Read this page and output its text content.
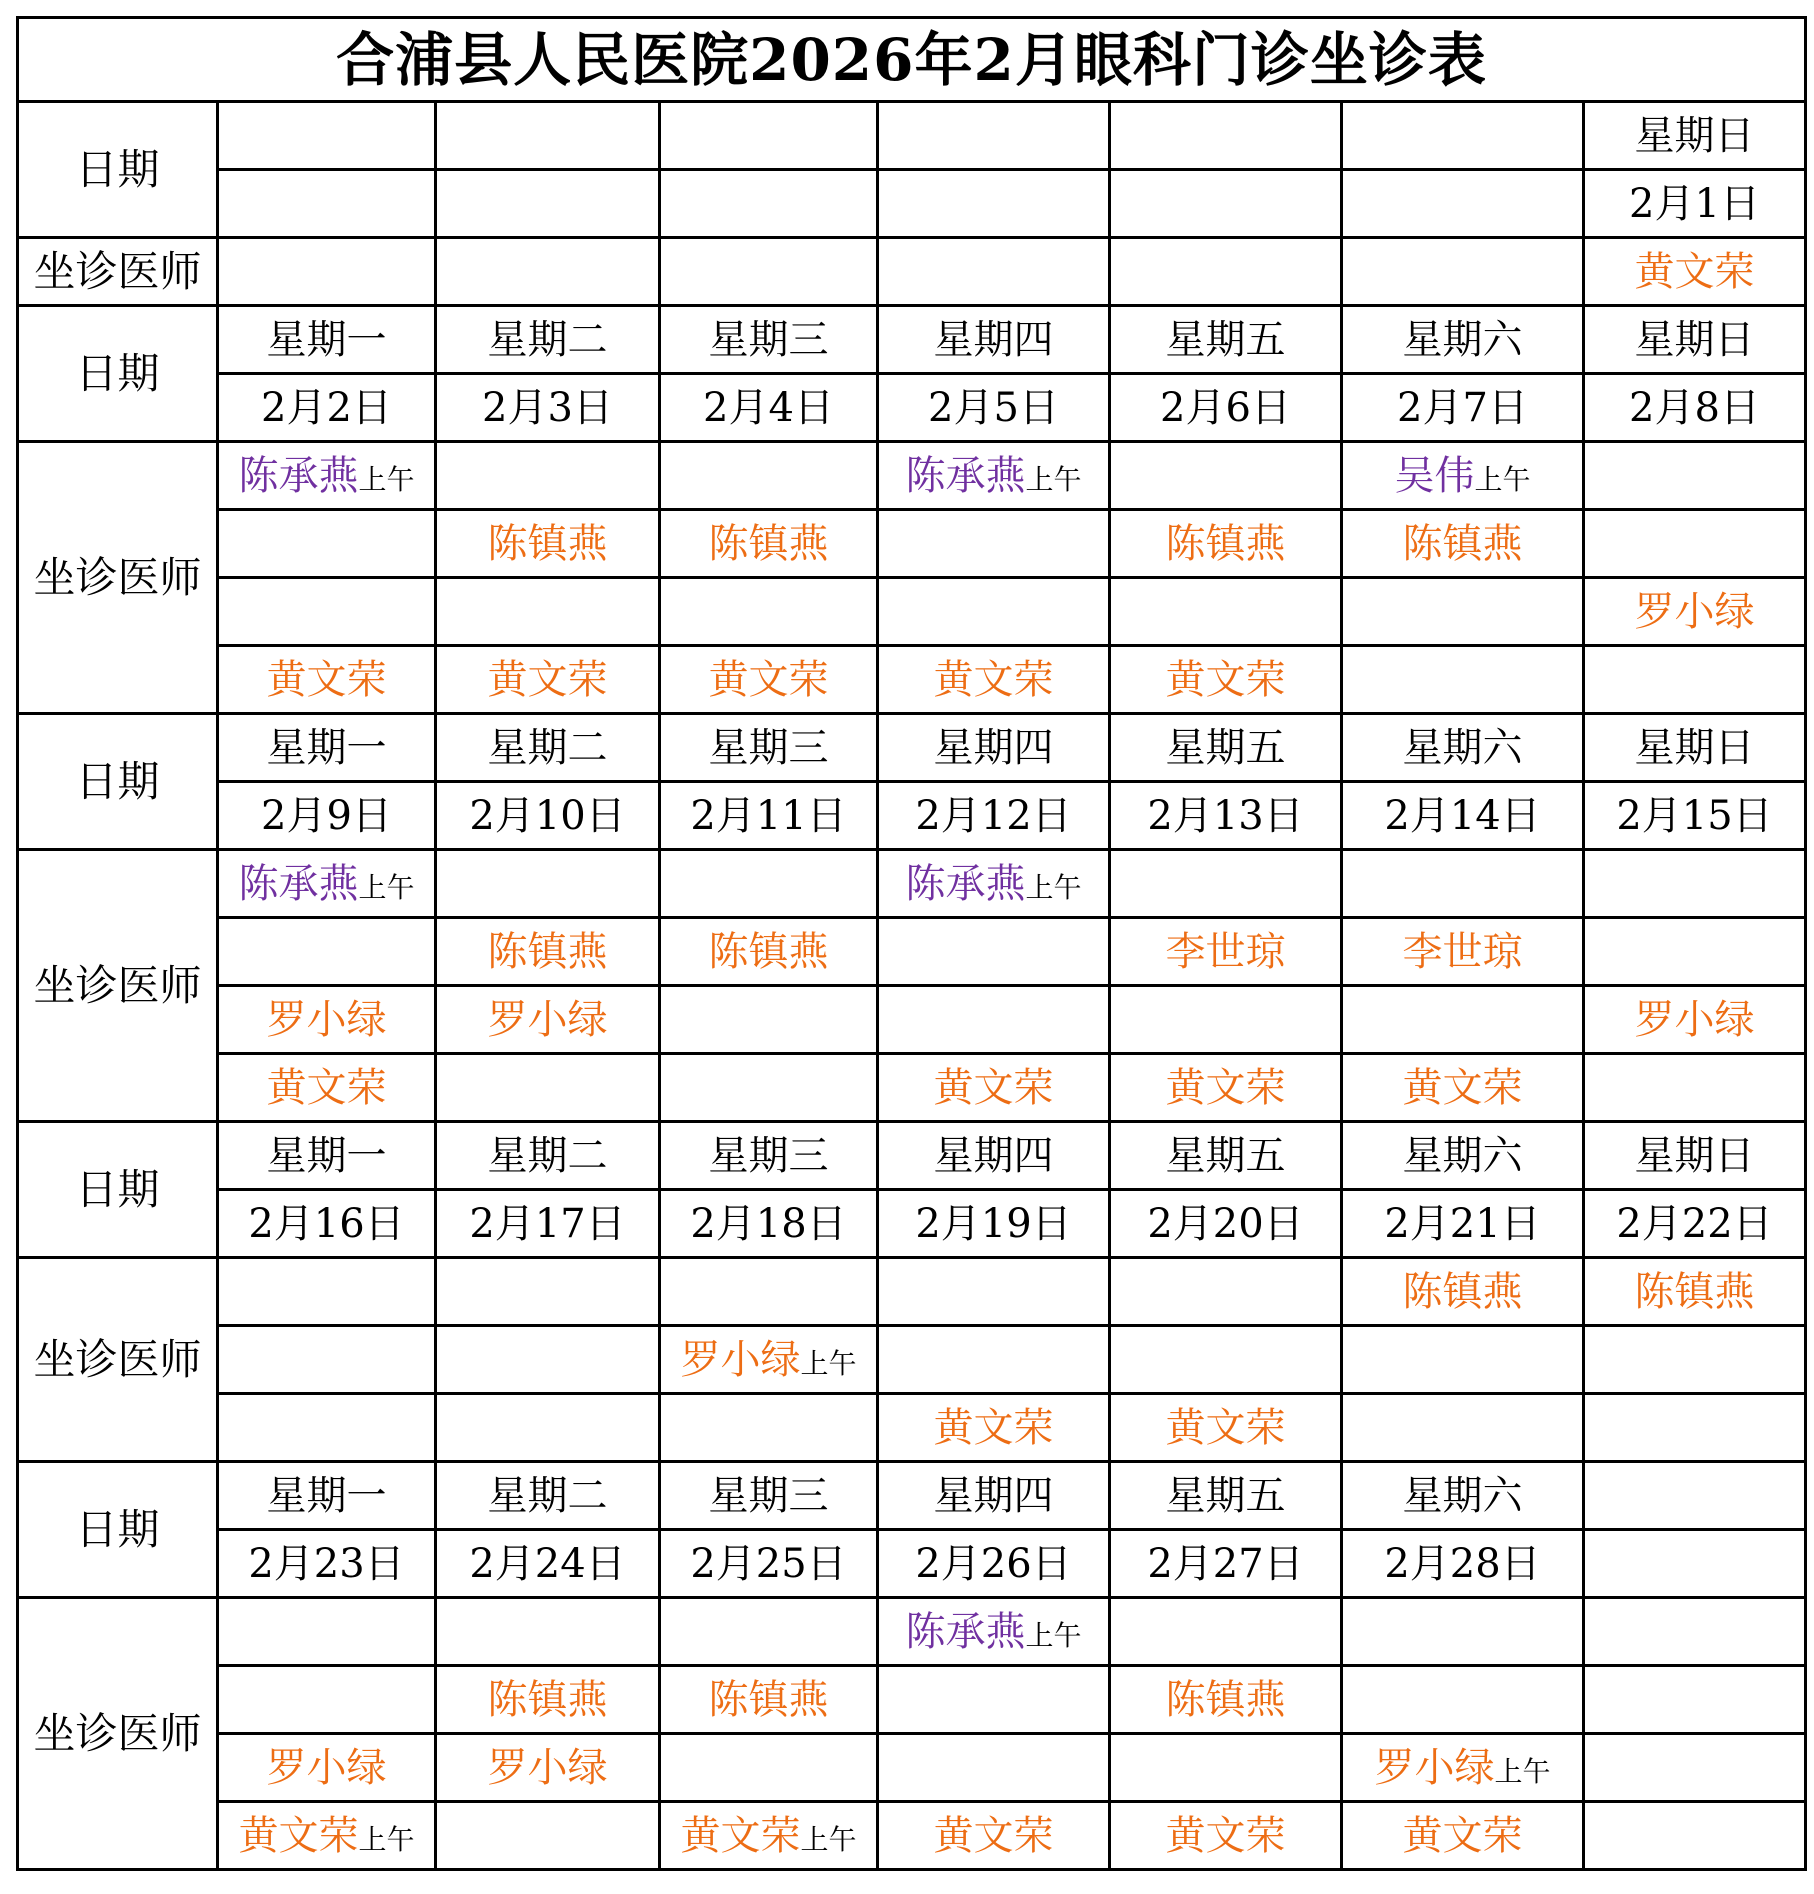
合浦县人民医院2026年2月眼科门诊坐诊表							
日期							星期日
							2月1日
坐诊医师							黄文荣
日期	星期一	星期二	星期三	星期四	星期五	星期六	星期日
	2月2日	2月3日	2月4日	2月5日	2月6日	2月7日	2月8日
坐诊医师	陈承燕上午			陈承燕上午		吴伟上午	
		陈镇燕	陈镇燕		陈镇燕	陈镇燕	
							罗小绿
	黄文荣	黄文荣	黄文荣	黄文荣	黄文荣		
日期	星期一	星期二	星期三	星期四	星期五	星期六	星期日
	2月9日	2月10日	2月11日	2月12日	2月13日	2月14日	2月15日
坐诊医师	陈承燕上午			陈承燕上午			
		陈镇燕	陈镇燕		李世琼	李世琼	
	罗小绿	罗小绿					罗小绿
	黄文荣			黄文荣	黄文荣	黄文荣	
日期	星期一	星期二	星期三	星期四	星期五	星期六	星期日
	2月16日	2月17日	2月18日	2月19日	2月20日	2月21日	2月22日
坐诊医师						陈镇燕	陈镇燕
			罗小绿上午				
				黄文荣	黄文荣		
日期	星期一	星期二	星期三	星期四	星期五	星期六	
	2月23日	2月24日	2月25日	2月26日	2月27日	2月28日	
坐诊医师				陈承燕上午			
		陈镇燕	陈镇燕		陈镇燕		
	罗小绿	罗小绿				罗小绿上午	
	黄文荣上午		黄文荣上午	黄文荣	黄文荣	黄文荣	
